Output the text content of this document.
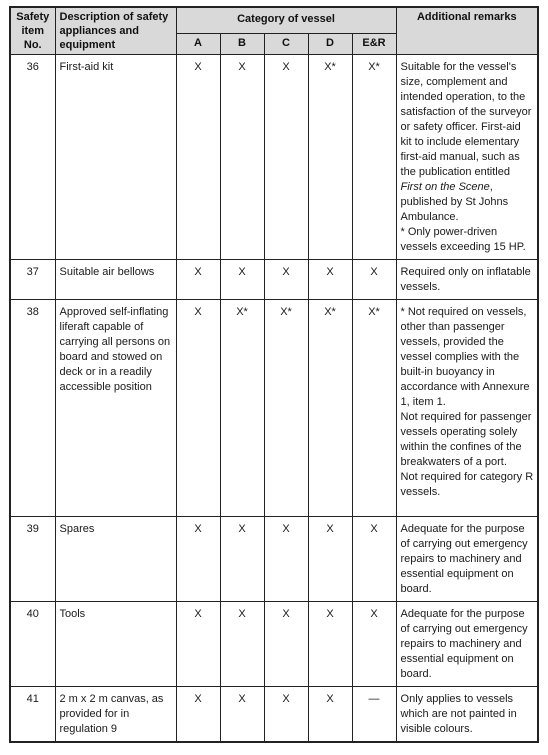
Safety item No.	Description of safety appliances and equipment	Category of vessel					Additional remarks
		A	B	C	D	E&R	
36	First-aid kit	X	X	X	X*	X*	Suitable for the vessel's size, complement and intended operation, to the satisfaction of the surveyor or safety officer. First-aid kit to include elementary first-aid manual, such as the publication entitled First on the Scene, published by St Johns Ambulance.
* Only power-driven vessels exceeding 15 HP.

37	Suitable air bellows	X	X	X	X	X	Required only on inflatable vessels.

38	Approved self-inflating liferaft capable of carrying all persons on board and stowed on deck or in a readily accessible position	X	X*	X*	X*	X*	* Not required on vessels, other than passenger vessels, provided the vessel complies with the built-in buoyancy in accordance with Annexure 1, item 1.
Not required for passenger vessels operating solely within the confines of the breakwaters of a port.
Not required for category R vessels.

39	Spares	X	X	X	X	X	Adequate for the purpose of carrying out emergency repairs to machinery and essential equipment on board.

40	Tools	X	X	X	X	X	Adequate for the purpose of carrying out emergency repairs to machinery and essential equipment on board.

41	2 m x 2 m canvas, as provided for in regulation 9	X	X	X	X	—	Only applies to vessels which are not painted in visible colours.
